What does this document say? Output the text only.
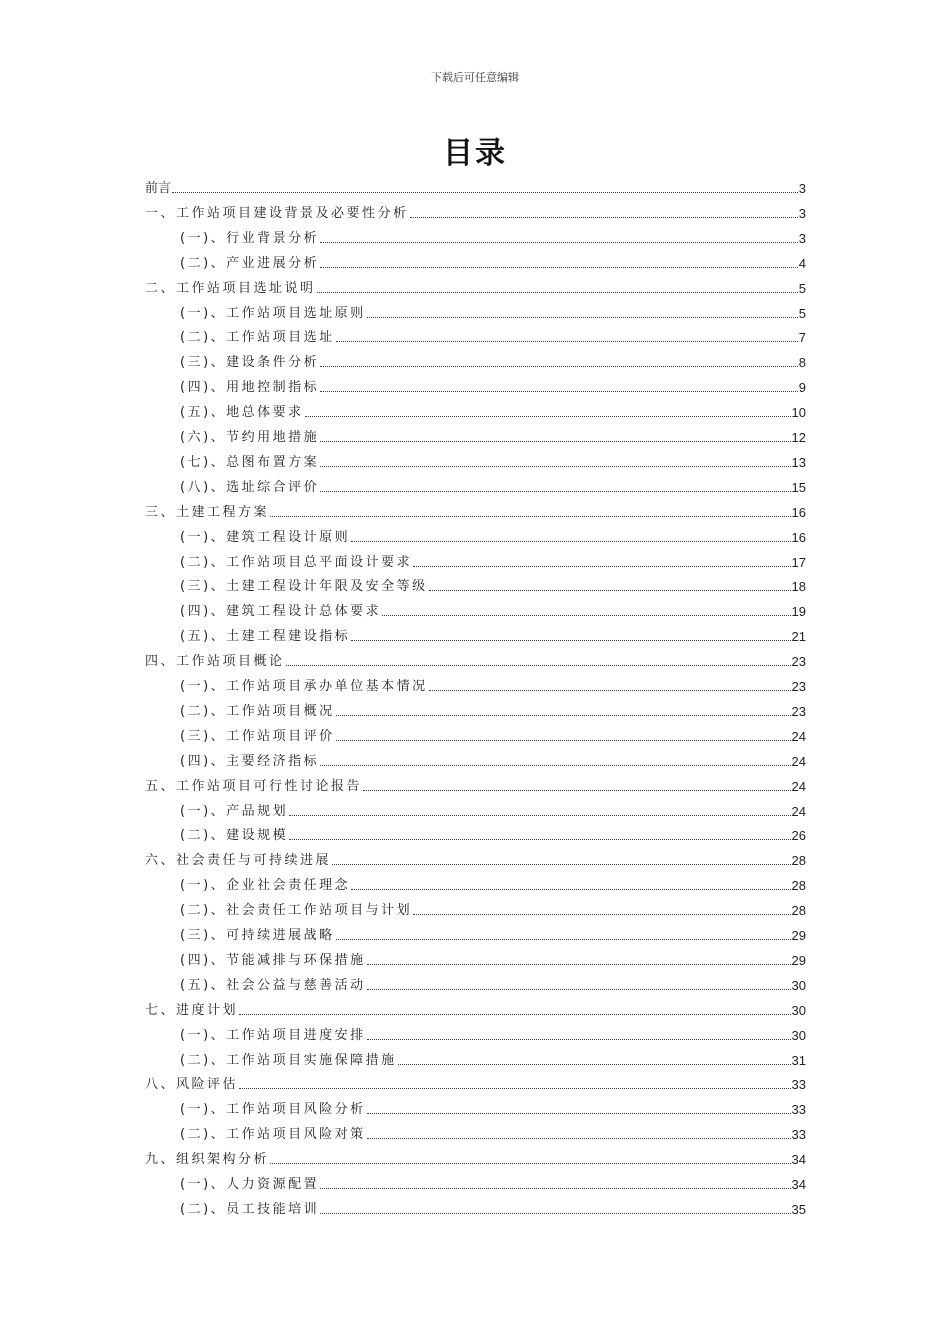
下载后可任意编辑
目录
前言	3
一、工作站项目建设背景及必要性分析	3
(一)、行业背景分析	3
(二)、产业进展分析	4
二、工作站项目选址说明	5
(一)、工作站项目选址原则	5
(二)、工作站项目选址	7
(三)、建设条件分析	8
(四)、用地控制指标	9
(五)、地总体要求	10
(六)、节约用地措施	12
(七)、总图布置方案	13
(八)、选址综合评价	15
三、土建工程方案	16
(一)、建筑工程设计原则	16
(二)、工作站项目总平面设计要求	17
(三)、土建工程设计年限及安全等级	18
(四)、建筑工程设计总体要求	19
(五)、土建工程建设指标	21
四、工作站项目概论	23
(一)、工作站项目承办单位基本情况	23
(二)、工作站项目概况	23
(三)、工作站项目评价	24
(四)、主要经济指标	24
五、工作站项目可行性讨论报告	24
(一)、产品规划	24
(二)、建设规模	26
六、社会责任与可持续进展	28
(一)、企业社会责任理念	28
(二)、社会责任工作站项目与计划	28
(三)、可持续进展战略	29
(四)、节能减排与环保措施	29
(五)、社会公益与慈善活动	30
七、进度计划	30
(一)、工作站项目进度安排	30
(二)、工作站项目实施保障措施	31
八、风险评估	33
(一)、工作站项目风险分析	33
(二)、工作站项目风险对策	33
九、组织架构分析	34
(一)、人力资源配置	34
(二)、员工技能培训	35
